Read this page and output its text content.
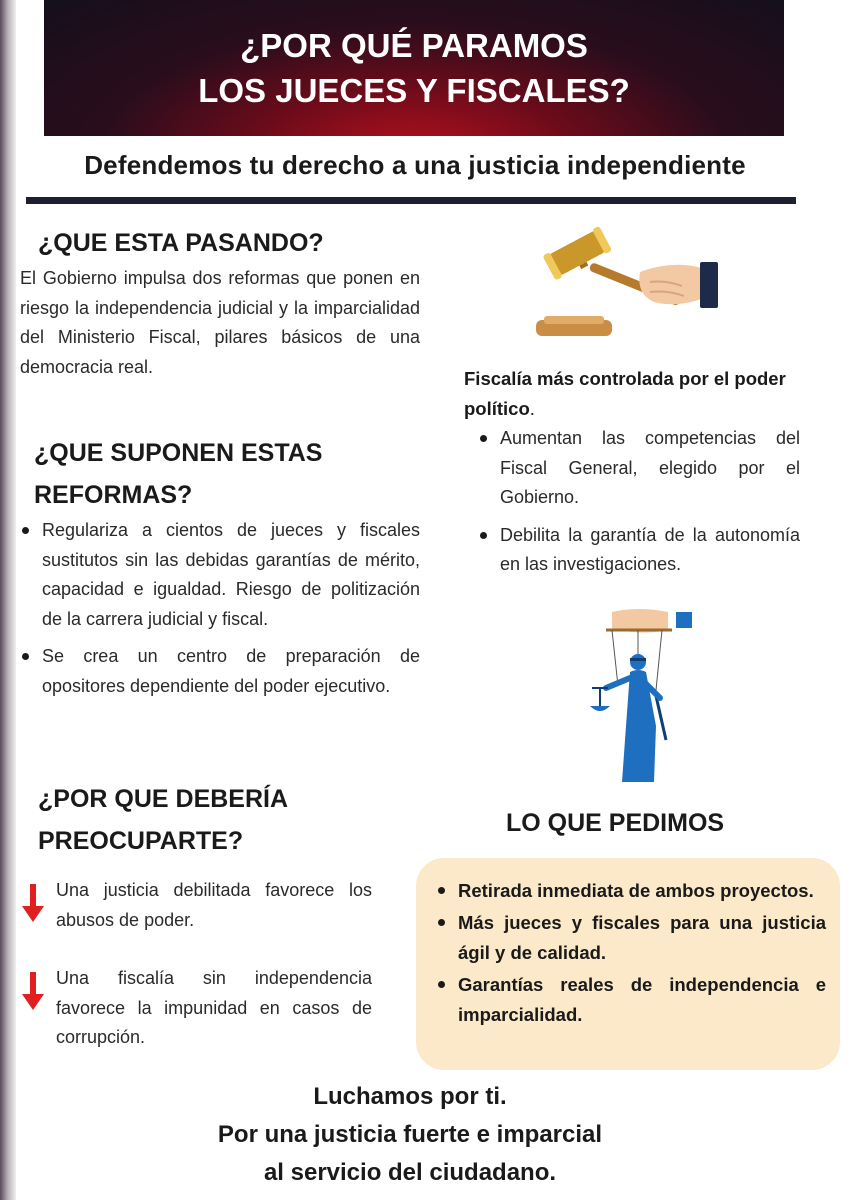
¿POR QUÉ PARAMOS
LOS JUECES Y FISCALES?
Defendemos tu derecho a una justicia independiente
¿QUE ESTA PASANDO?
El Gobierno impulsa dos reformas que ponen en riesgo la independencia judicial y la imparcialidad del Ministerio Fiscal, pilares básicos de una democracia real.
¿QUE SUPONEN ESTAS
REFORMAS?
Regulariza a cientos de jueces y fiscales sustitutos sin las debidas garantías de mérito, capacidad e igualdad. Riesgo de politización de la carrera judicial y fiscal.
Se crea un centro de preparación de opositores dependiente del poder ejecutivo.
Fiscalía más controlada por el poder político.
Aumentan las competencias del Fiscal General, elegido por el Gobierno.
Debilita la garantía de la autonomía en las investigaciones.
¿POR QUE DEBERÍA
PREOCUPARTE?
Una justicia debilitada favorece los abusos de poder.
Una fiscalía sin independencia favorece la impunidad en casos de corrupción.
LO QUE PEDIMOS
Retirada inmediata de ambos proyectos.
Más jueces y fiscales para una justicia ágil y de calidad.
Garantías reales de independencia e imparcialidad.
Luchamos por ti.
Por una justicia fuerte e imparcial
al servicio del ciudadano.
